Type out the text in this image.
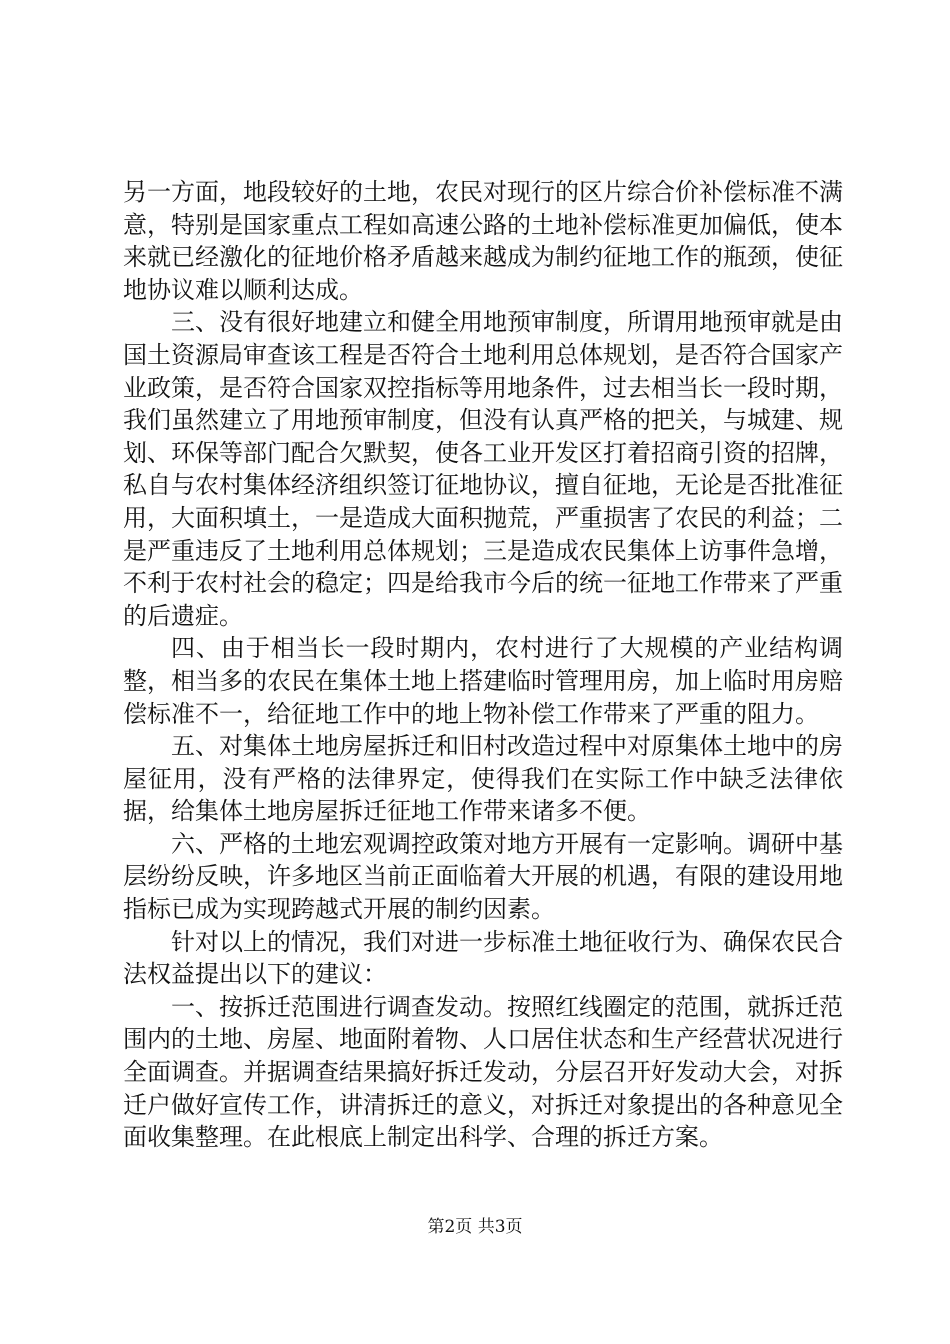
另一方面，地段较好的土地，农民对现行的区片综合价补偿标准不满意，特别是国家重点工程如高速公路的土地补偿标准更加偏低，使本来就已经激化的征地价格矛盾越来越成为制约征地工作的瓶颈，使征地协议难以顺利达成。

三、没有很好地建立和健全用地预审制度，所谓用地预审就是由国土资源局审查该工程是否符合土地利用总体规划，是否符合国家产业政策，是否符合国家双控指标等用地条件，过去相当长一段时期，我们虽然建立了用地预审制度，但没有认真严格的把关，与城建、规划、环保等部门配合欠默契，使各工业开发区打着招商引资的招牌，私自与农村集体经济组织签订征地协议，擅自征地，无论是否批准征用，大面积填土，一是造成大面积抛荒，严重损害了农民的利益；二是严重违反了土地利用总体规划；三是造成农民集体上访事件急增，不利于农村社会的稳定；四是给我市今后的统一征地工作带来了严重的后遗症。

四、由于相当长一段时期内，农村进行了大规模的产业结构调整，相当多的农民在集体土地上搭建临时管理用房，加上临时用房赔偿标准不一，给征地工作中的地上物补偿工作带来了严重的阻力。

五、对集体土地房屋拆迁和旧村改造过程中对原集体土地中的房屋征用，没有严格的法律界定，使得我们在实际工作中缺乏法律依据，给集体土地房屋拆迁征地工作带来诸多不便。

六、严格的土地宏观调控政策对地方开展有一定影响。调研中基层纷纷反映，许多地区当前正面临着大开展的机遇，有限的建设用地指标已成为实现跨越式开展的制约因素。

针对以上的情况，我们对进一步标准土地征收行为、确保农民合法权益提出以下的建议：

一、按拆迁范围进行调查发动。按照红线圈定的范围，就拆迁范围内的土地、房屋、地面附着物、人口居住状态和生产经营状况进行全面调查。并据调查结果搞好拆迁发动，分层召开好发动大会，对拆迁户做好宣传工作，讲清拆迁的意义，对拆迁对象提出的各种意见全面收集整理。在此根底上制定出科学、合理的拆迁方案。

第2页 共3页
